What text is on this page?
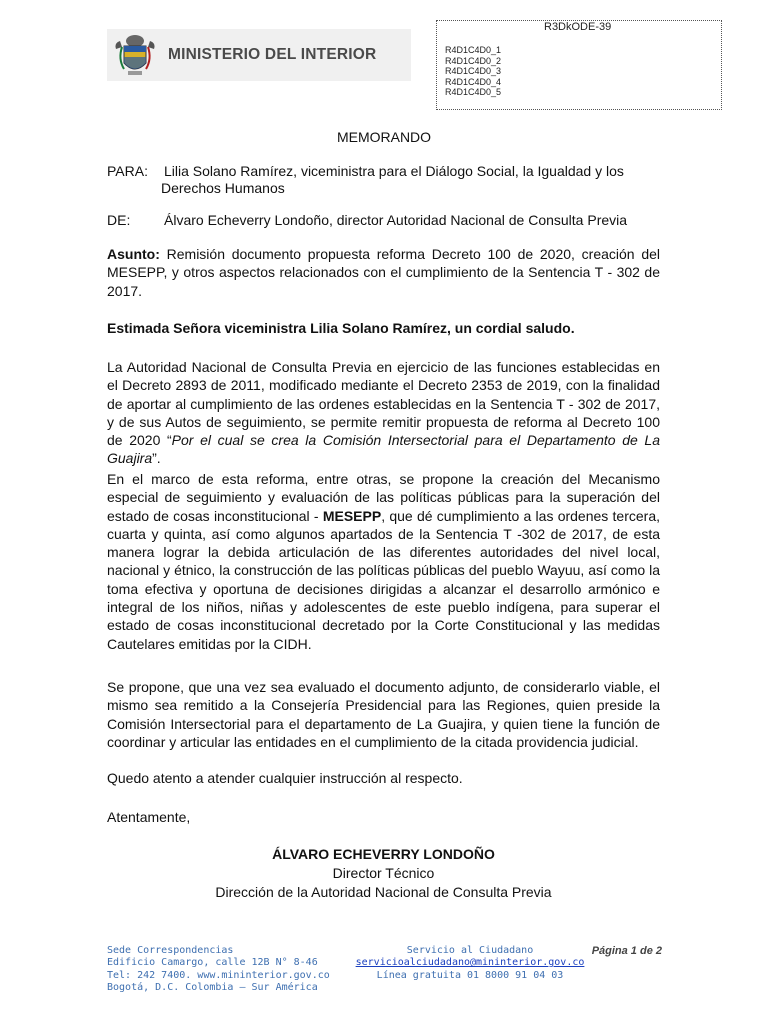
MINISTERIO DEL INTERIOR
R3DkODE-39
R4D1C4D0_1
R4D1C4D0_2
R4D1C4D0_3
R4D1C4D0_4
R4D1C4D0_5
MEMORANDO
PARA: Lilia Solano Ramírez, viceministra para el Diálogo Social, la Igualdad y los
Derechos Humanos
DE: Álvaro Echeverry Londoño, director Autoridad Nacional de Consulta Previa
Asunto: Remisión documento propuesta reforma Decreto 100 de 2020, creación del MESEPP, y otros aspectos relacionados con el cumplimiento de la Sentencia T - 302 de 2017.
Estimada Señora viceministra Lilia Solano Ramírez, un cordial saludo.
La Autoridad Nacional de Consulta Previa en ejercicio de las funciones establecidas en el Decreto 2893 de 2011, modificado mediante el Decreto 2353 de 2019, con la finalidad de aportar al cumplimiento de las ordenes establecidas en la Sentencia T - 302 de 2017, y de sus Autos de seguimiento, se permite remitir propuesta de reforma al Decreto 100 de 2020 “Por el cual se crea la Comisión Intersectorial para el Departamento de La Guajira”.
En el marco de esta reforma, entre otras, se propone la creación del Mecanismo especial de seguimiento y evaluación de las políticas públicas para la superación del estado de cosas inconstitucional - MESEPP, que dé cumplimiento a las ordenes tercera, cuarta y quinta, así como algunos apartados de la Sentencia T -302 de 2017, de esta manera lograr la debida articulación de las diferentes autoridades del nivel local, nacional y étnico, la construcción de las políticas públicas del pueblo Wayuu, así como la toma efectiva y oportuna de decisiones dirigidas a alcanzar el desarrollo armónico e integral de los niños, niñas y adolescentes de este pueblo indígena, para superar el estado de cosas inconstitucional decretado por la Corte Constitucional y las medidas Cautelares emitidas por la CIDH.
Se propone, que una vez sea evaluado el documento adjunto, de considerarlo viable, el mismo sea remitido a la Consejería Presidencial para las Regiones, quien preside la Comisión Intersectorial para el departamento de La Guajira, y quien tiene la función de coordinar y articular las entidades en el cumplimiento de la citada providencia judicial.
Quedo atento a atender cualquier instrucción al respecto.
Atentamente,
ÁLVARO ECHEVERRY LONDOÑO
Director Técnico
Dirección de la Autoridad Nacional de Consulta Previa
Sede Correspondencias
Edificio Camargo, calle 12B N° 8-46
Tel: 242 7400. www.mininterior.gov.co
Bogotá, D.C. Colombia – Sur América
Servicio al Ciudadano
servicioalciudadano@mininterior.gov.co
Línea gratuita 01 8000 91 04 03
Página 1 de 2
